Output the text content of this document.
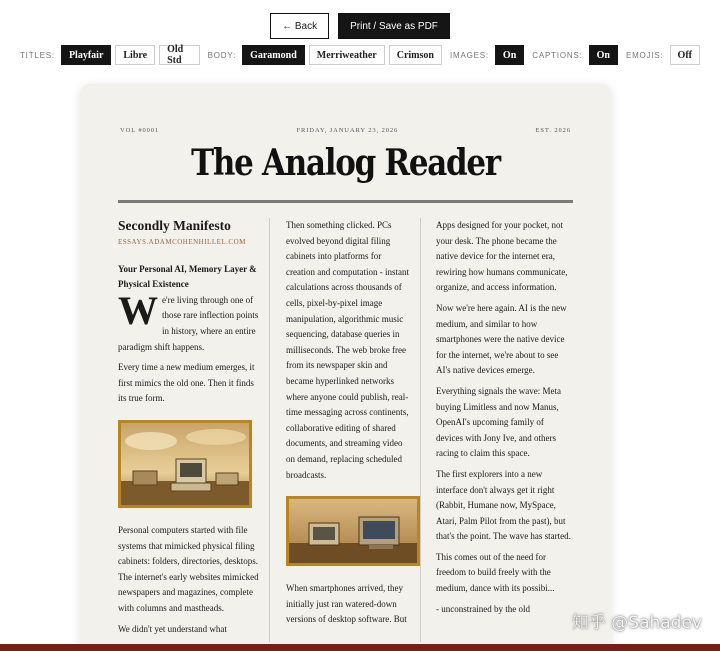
← Back	Print / Save as PDF
TITLES:	Playfair	Libre	Old Std	BODY:	Garamond	Merriweather	Crimson	IMAGES:	On	CAPTIONS:	On	EMOJIS:	Off
VOL #0001	FRIDAY, JANUARY 23, 2026	EST. 2026
The Analog Reader
Secondly Manifesto
ESSAYS.ADAMCOHENHILLEL.COM
Your Personal AI, Memory Layer & Physical Existence

We're living through one of those rare inflection points in history, where an entire paradigm shift happens.

Every time a new medium emerges, it first mimics the old one. Then it finds its true form.

Personal computers started with file systems that mimicked physical filing cabinets: folders, directories, desktops. The internet's early websites mimicked newspapers and magazines, complete with columns and mastheads.

We didn't yet understand what

Then something clicked. PCs evolved beyond digital filing cabinets into platforms for creation and computation - instant calculations across thousands of cells, pixel-by-pixel image manipulation, algorithmic music sequencing, database queries in milliseconds. The web broke free from its newspaper skin and became hyperlinked networks where anyone could publish, real-time messaging across continents, collaborative editing of shared documents, and streaming video on demand, replacing scheduled broadcasts.

When smartphones arrived, they initially just ran watered-down versions of desktop software. But

Apps designed for your pocket, not your desk. The phone became the native device for the internet era, rewiring how humans communicate, organize, and access information.

Now we're here again. AI is the new medium, and similar to how smartphones were the native device for the internet, we're about to see AI's native devices emerge.

Everything signals the wave: Meta buying Limitless and now Manus, OpenAI's upcoming family of devices with Jony Ive, and others racing to claim this space.

The first explorers into a new interface don't always get it right (Rabbit, Humane now, MySpace, Atari, Palm Pilot from the past), but that's the point. The wave has started.

This comes out of the need for freedom to build freely with the medium, dance with its possibi...

- unconstrained by the old

知乎 @Sahadev
